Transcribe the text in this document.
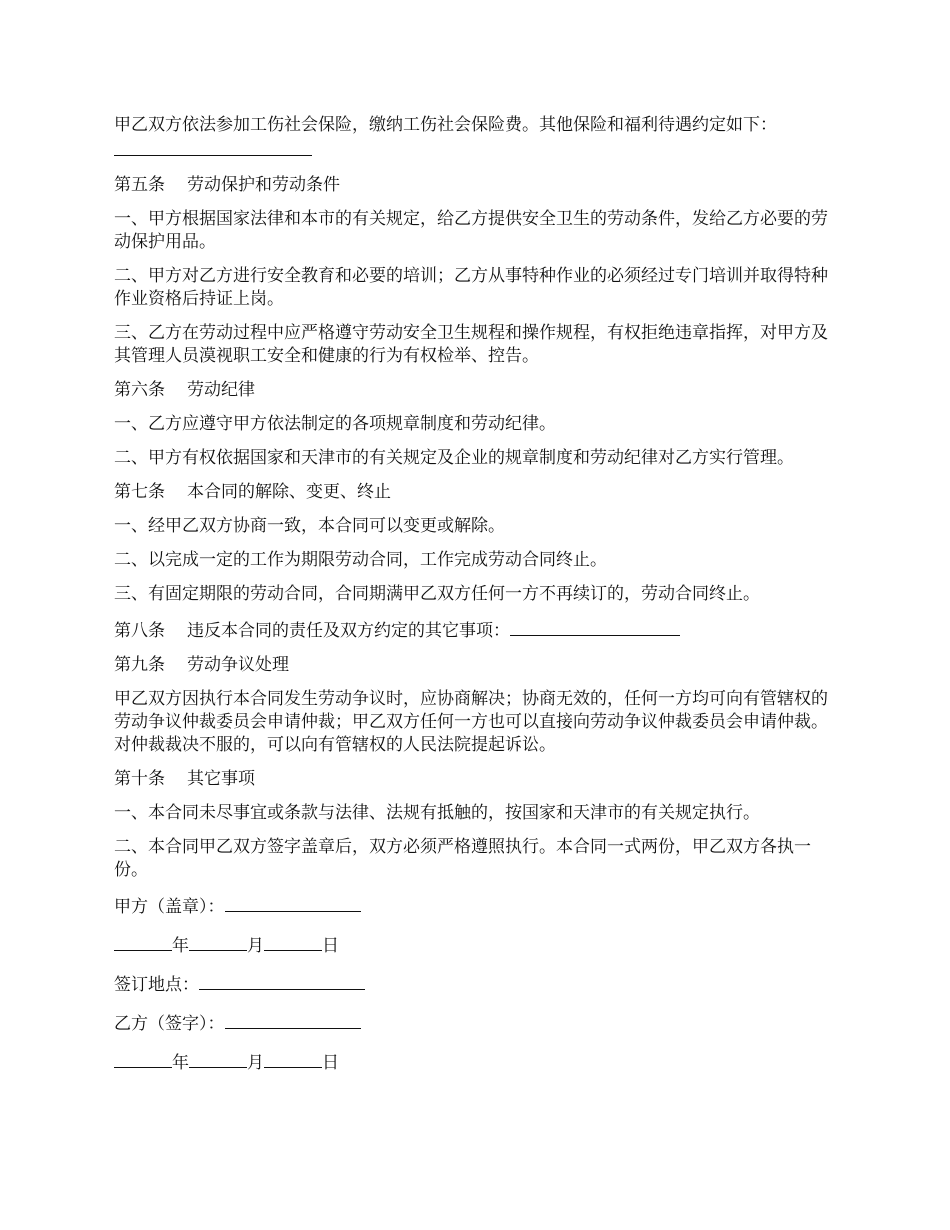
甲乙双方依法参加工伤社会保险，缴纳工伤社会保险费。其他保险和福利待遇约定如下：

第五条 劳动保护和劳动条件

一、甲方根据国家法律和本市的有关规定，给乙方提供安全卫生的劳动条件，发给乙方必要的劳动保护用品。

二、甲方对乙方进行安全教育和必要的培训；乙方从事特种作业的必须经过专门培训并取得特种作业资格后持证上岗。

三、乙方在劳动过程中应严格遵守劳动安全卫生规程和操作规程，有权拒绝违章指挥，对甲方及其管理人员漠视职工安全和健康的行为有权检举、控告。

第六条 劳动纪律

一、乙方应遵守甲方依法制定的各项规章制度和劳动纪律。

二、甲方有权依据国家和天津市的有关规定及企业的规章制度和劳动纪律对乙方实行管理。

第七条 本合同的解除、变更、终止

一、经甲乙双方协商一致，本合同可以变更或解除。

二、以完成一定的工作为期限劳动合同，工作完成劳动合同终止。

三、有固定期限的劳动合同，合同期满甲乙双方任何一方不再续订的，劳动合同终止。

第八条 违反本合同的责任及双方约定的其它事项：

第九条 劳动争议处理

甲乙双方因执行本合同发生劳动争议时，应协商解决；协商无效的，任何一方均可向有管辖权的劳动争议仲裁委员会申请仲裁；甲乙双方任何一方也可以直接向劳动争议仲裁委员会申请仲裁。对仲裁裁决不服的，可以向有管辖权的人民法院提起诉讼。

第十条 其它事项

一、本合同未尽事宜或条款与法律、法规有抵触的，按国家和天津市的有关规定执行。

二、本合同甲乙双方签字盖章后，双方必须严格遵照执行。本合同一式两份，甲乙双方各执一份。

甲方（盖章）：

年	月	日

签订地点：

乙方（签字）：

年	月	日
